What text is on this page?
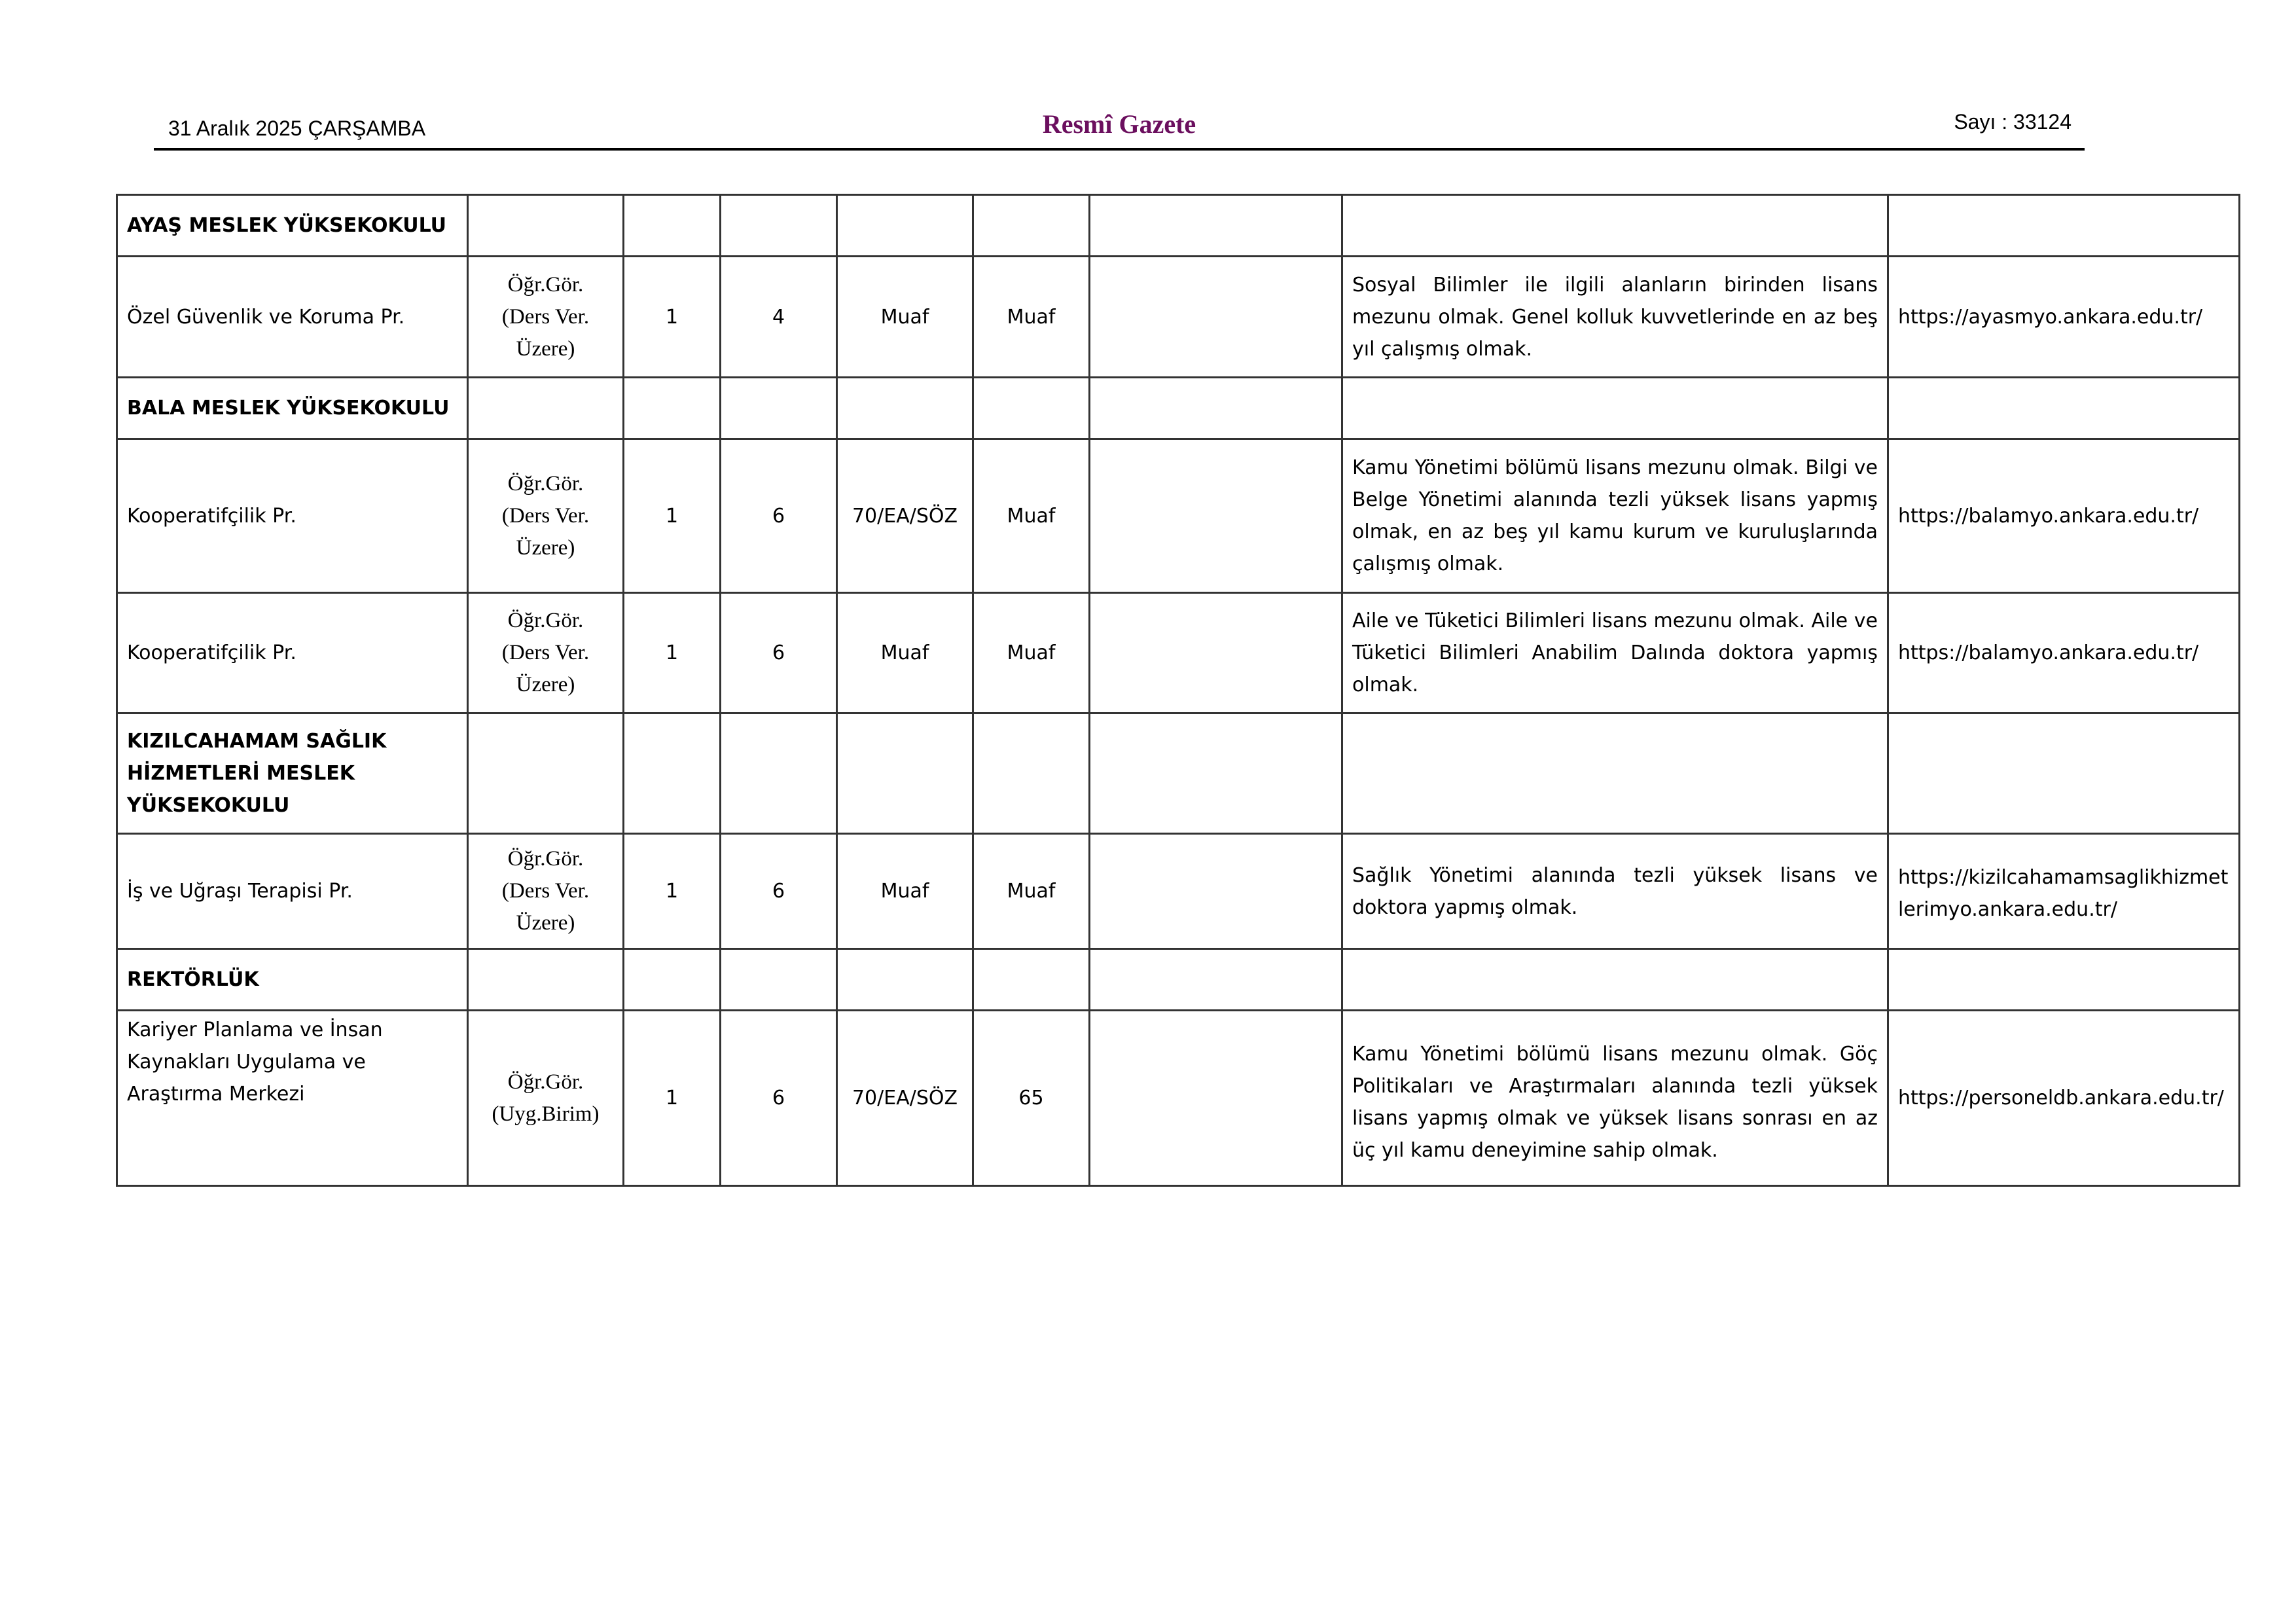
31 Aralık 2025 ÇARŞAMBA	Resmî Gazete	Sayı : 33124
AYAŞ MESLEK YÜKSEKOKULU								
Özel Güvenlik ve Koruma Pr.	Öğr.Gör.
(Ders Ver.
Üzere)	1	4	Muaf	Muaf		Sosyal Bilimler ile ilgili alanların birinden lisans mezunu olmak. Genel kolluk kuvvetlerinde en az beş yıl çalışmış olmak.	https://ayasmyo.ankara.edu.tr/
BALA MESLEK YÜKSEKOKULU								
Kooperatifçilik Pr.	Öğr.Gör.
(Ders Ver.
Üzere)	1	6	70/EA/SÖZ	Muaf		Kamu Yönetimi bölümü lisans mezunu olmak. Bilgi ve Belge Yönetimi alanında tezli yüksek lisans yapmış olmak, en az beş yıl kamu kurum ve kuruluşlarında çalışmış olmak.	https://balamyo.ankara.edu.tr/
Kooperatifçilik Pr.	Öğr.Gör.
(Ders Ver.
Üzere)	1	6	Muaf	Muaf		Aile ve Tüketici Bilimleri lisans mezunu olmak. Aile ve Tüketici Bilimleri Anabilim Dalında doktora yapmış olmak.	https://balamyo.ankara.edu.tr/
KIZILCAHAMAM SAĞLIK HİZMETLERİ MESLEK YÜKSEKOKULU								
İş ve Uğraşı Terapisi Pr.	Öğr.Gör.
(Ders Ver.
Üzere)	1	6	Muaf	Muaf		Sağlık Yönetimi alanında tezli yüksek lisans ve doktora yapmış olmak.	https://kizilcahamamsaglikhizmetlerimyo.ankara.edu.tr/
REKTÖRLÜK								
Kariyer Planlama ve İnsan Kaynakları Uygulama ve Araştırma Merkezi	Öğr.Gör.
(Uyg.Birim)	1	6	70/EA/SÖZ	65		Kamu Yönetimi bölümü lisans mezunu olmak. Göç Politikaları ve Araştırmaları alanında tezli yüksek lisans yapmış olmak ve yüksek lisans sonrası en az üç yıl kamu deneyimine sahip olmak.	https://personeldb.ankara.edu.tr/
